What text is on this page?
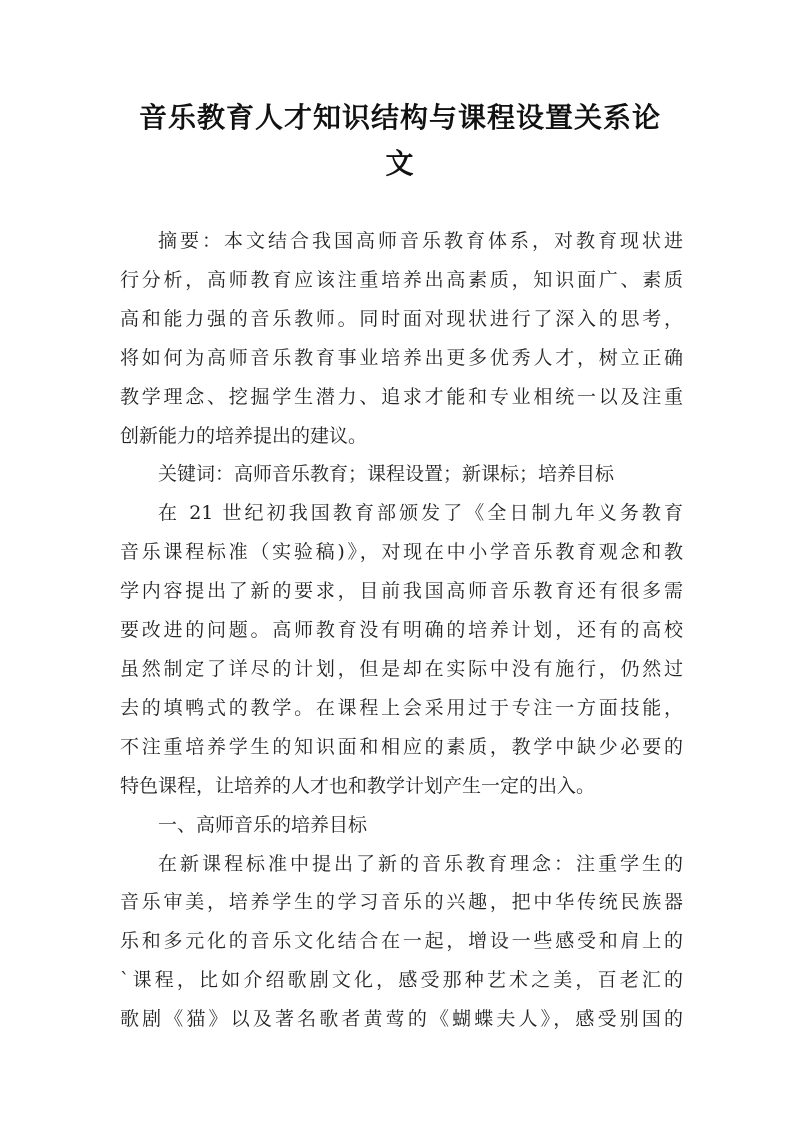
音乐教育人才知识结构与课程设置关系论
文

摘要：本文结合我国高师音乐教育体系，对教育现状进

行分析，高师教育应该注重培养出高素质，知识面广、素质

高和能力强的音乐教师。同时面对现状进行了深入的思考，

将如何为高师音乐教育事业培养出更多优秀人才，树立正确

教学理念、挖掘学生潜力、追求才能和专业相统一以及注重

创新能力的培养提出的建议。

关键词：高师音乐教育；课程设置；新课标；培养目标

在 21 世纪初我国教育部颁发了《全日制九年义务教育

音乐课程标准（实验稿)》，对现在中小学音乐教育观念和教

学内容提出了新的要求，目前我国高师音乐教育还有很多需

要改进的问题。高师教育没有明确的培养计划，还有的高校

虽然制定了详尽的计划，但是却在实际中没有施行，仍然过

去的填鸭式的教学。在课程上会采用过于专注一方面技能，

不注重培养学生的知识面和相应的素质，教学中缺少必要的

特色课程，让培养的人才也和教学计划产生一定的出入。

一、高师音乐的培养目标

在新课程标准中提出了新的音乐教育理念：注重学生的

音乐审美，培养学生的学习音乐的兴趣，把中华传统民族器

乐和多元化的音乐文化结合在一起，增设一些感受和肩上的

`课程，比如介绍歌剧文化，感受那种艺术之美，百老汇的

歌剧《猫》以及著名歌者黄莺的《蝴蝶夫人》，感受别国的
